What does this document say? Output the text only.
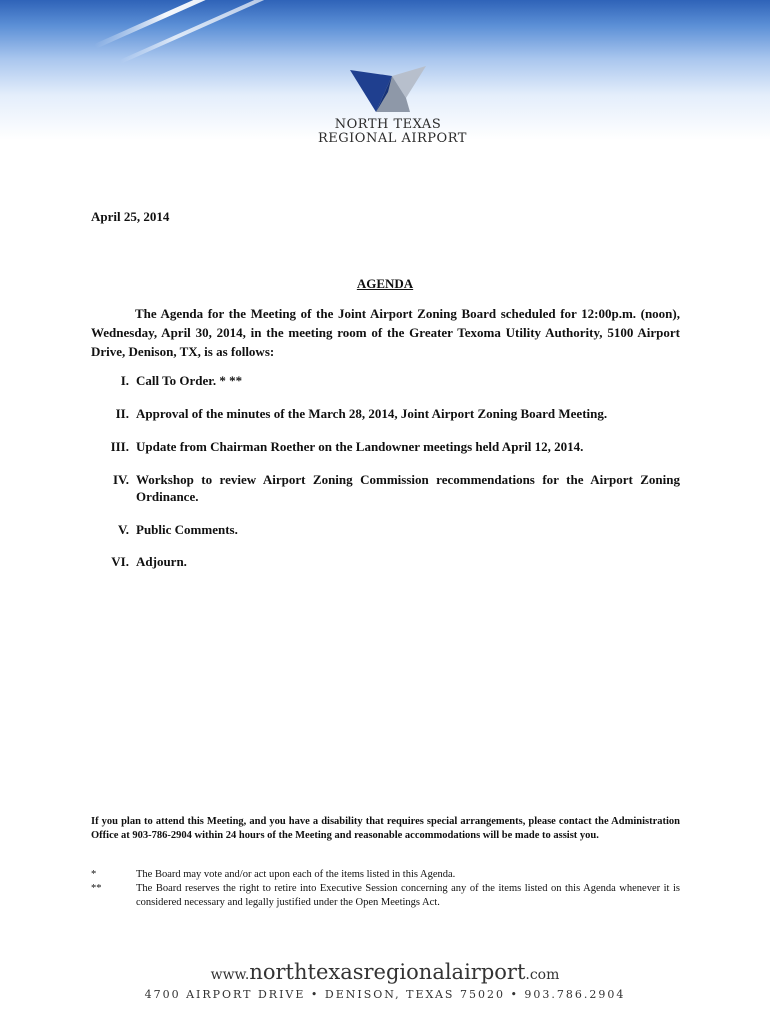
NORTH TEXAS
REGIONAL AIRPORT
April 25, 2014
AGENDA
The Agenda for the Meeting of the Joint Airport Zoning Board scheduled for 12:00p.m. (noon), Wednesday, April 30, 2014, in the meeting room of the Greater Texoma Utility Authority, 5100 Airport Drive, Denison, TX, is as follows:
I. Call To Order. * **
II. Approval of the minutes of the March 28, 2014, Joint Airport Zoning Board Meeting.
III. Update from Chairman Roether on the Landowner meetings held April 12, 2014.
IV. Workshop to review Airport Zoning Commission recommendations for the Airport Zoning Ordinance.
V. Public Comments.
VI. Adjourn.
If you plan to attend this Meeting, and you have a disability that requires special arrangements, please contact the Administration Office at 903-786-2904 within 24 hours of the Meeting and reasonable accommodations will be made to assist you.
*	The Board may vote and/or act upon each of the items listed in this Agenda.
**	The Board reserves the right to retire into Executive Session concerning any of the items listed on this Agenda whenever it is considered necessary and legally justified under the Open Meetings Act.
www.northtexasregionalairport.com
4700 AIRPORT DRIVE • DENISON, TEXAS 75020 • 903.786.2904
